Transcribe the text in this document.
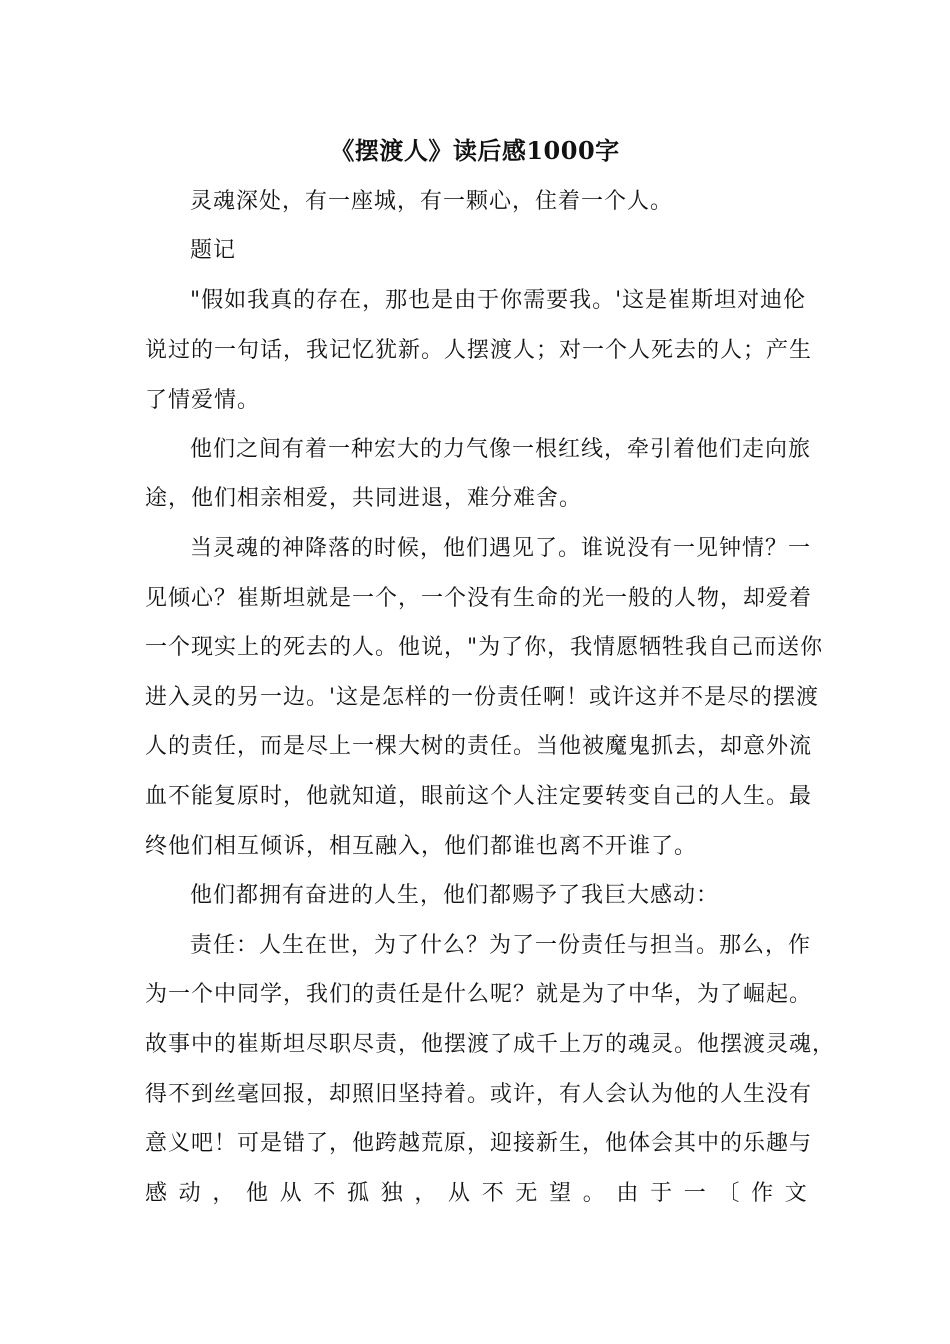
《摆渡人》读后感1000字
灵魂深处，有一座城，有一颗心，住着一个人。
题记
"假如我真的存在，那也是由于你需要我。'这是崔斯坦对迪伦
说过的一句话，我记忆犹新。人摆渡人；对一个人死去的人；产生
了情爱情。
他们之间有着一种宏大的力气像一根红线，牵引着他们走向旅
途，他们相亲相爱，共同进退，难分难舍。
当灵魂的神降落的时候，他们遇见了。谁说没有一见钟情？一
见倾心？崔斯坦就是一个，一个没有生命的光一般的人物，却爱着
一个现实上的死去的人。他说，"为了你，我情愿牺牲我自己而送你
进入灵的另一边。'这是怎样的一份责任啊！或许这并不是尽的摆渡
人的责任，而是尽上一棵大树的责任。当他被魔鬼抓去，却意外流
血不能复原时，他就知道，眼前这个人注定要转变自己的人生。最
终他们相互倾诉，相互融入，他们都谁也离不开谁了。
他们都拥有奋进的人生，他们都赐予了我巨大感动：
责任：人生在世，为了什么？为了一份责任与担当。那么，作
为一个中同学，我们的责任是什么呢？就是为了中华，为了崛起。
故事中的崔斯坦尽职尽责，他摆渡了成千上万的魂灵。他摆渡灵魂，
得不到丝毫回报，却照旧坚持着。或许，有人会认为他的人生没有
意义吧！可是错了，他跨越荒原，迎接新生，他体会其中的乐趣与
感 动 ， 他 从 不 孤 独 ， 从 不 无 望 。 由 于 一 〔 作 文
